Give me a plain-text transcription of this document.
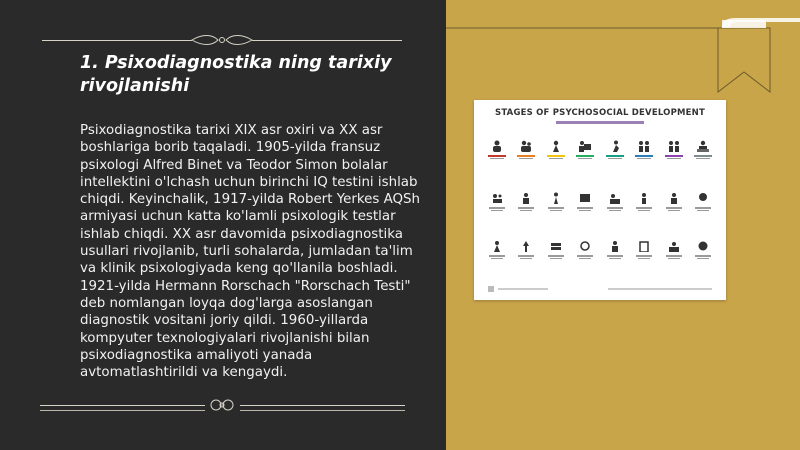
1. Psixodiagnostika ning tarixiy rivojlanishi
Psixodiagnostika tarixi XIX asr oxiri va XX asr boshlariga borib taqaladi. 1905-yilda fransuz psixologi Alfred Binet va Teodor Simon bolalar intellektini o'lchash uchun birinchi IQ testini ishlab chiqdi. Keyinchalik, 1917-yilda Robert Yerkes AQSh armiyasi uchun katta ko'lamli psixologik testlar ishlab chiqdi. XX asr davomida psixodiagnostika usullari rivojlanib, turli sohalarda, jumladan ta'lim va klinik psixologiyada keng qo'llanila boshladi. 1921-yilda Hermann Rorschach "Rorschach Testi" deb nomlangan loyqa dog'larga asoslangan diagnostik vositani joriy qildi. 1960-yillarda kompyuter texnologiyalari rivojlanishi bilan psixodiagnostika amaliyoti yanada avtomatlashtirildi va kengaydi.
STAGES OF PSYCHOSOCIAL DEVELOPMENT
